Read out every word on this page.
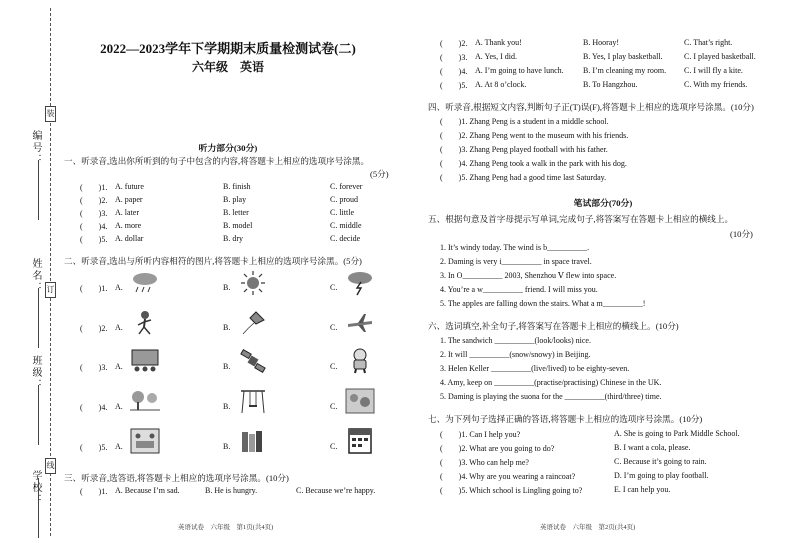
编号：
姓名：
班级：
学校：
装
订
线
2022—2023学年下学期期末质量检测试卷(二)
六年级　英语
听力部分(30分)
一、听录音,选出你所听到的句子中包含的内容,将答题卡上相应的选项序号涂黑。
(5分)
(　　)1. A. future	B. finish	C. forever
(　　)2. A. paper	B. play	C. proud
(　　)3. A. later	B. letter	C. little
(　　)4. A. more	B. model	C. middle
(　　)5. A. dollar	B. dry	C. decide
二、听录音,选出与所听内容相符的图片,将答题卡上相应的选项序号涂黑。(5分)
(　　)1. A.	B.	C.
(　　)2. A.	B.	C.
(　　)3. A.	B.	C.
(　　)4. A.	B.	C.
(　　)5. A.	B.	C.
三、听录音,选答语,将答题卡上相应的选项序号涂黑。(10分)
(　　)1. A. Because I’m sad.	B. He is hungry.	C. Because we’re happy.
英语试卷　六年级　第1页(共4页)
(　　)2. A. Thank you!	B. Hooray!	C. That’s right.
(　　)3. A. Yes, I did.	B. Yes, I play basketball.	C. I played basketball.
(　　)4. A. I’m going to have lunch. B. I’m cleaning my room. C. I will fly a kite.
(　　)5. A. At 8 o’clock.	B. To Hangzhou.	C. With my friends.
四、听录音,根据短文内容,判断句子正(T)误(F),将答题卡上相应的选项序号涂黑。(10分)
(　　)1. Zhang Peng is a student in a middle school.
(　　)2. Zhang Peng went to the museum with his friends.
(　　)3. Zhang Peng played football with his father.
(　　)4. Zhang Peng took a walk in the park with his dog.
(　　)5. Zhang Peng had a good time last Saturday.
笔试部分(70分)
五、根据句意及首字母提示写单词,完成句子,将答案写在答题卡上相应的横线上。
(10分)
1. It’s windy today. The wind is b__________.
2. Daming is very i__________ in space travel.
3. In O__________ 2003, Shenzhou Ⅴ flew into space.
4. You’re a w__________ friend. I will miss you.
5. The apples are falling down the stairs. What a m__________!
六、选词填空,补全句子,将答案写在答题卡上相应的横线上。(10分)
1. The sandwich __________(look/looks) nice.
2. It will __________(snow/snowy) in Beijing.
3. Helen Keller __________(live/lived) to be eighty-seven.
4. Amy, keep on __________(practise/practising) Chinese in the UK.
5. Daming is playing the suona for the __________(third/three) time.
七、为下列句子选择正确的答语,将答题卡上相应的选项序号涂黑。(10分)
(　　)1. Can I help you?	A. She is going to Park Middle School.
(　　)2. What are you going to do?	B. I want a cola, please.
(　　)3. Who can help me?	C. Because it’s going to rain.
(　　)4. Why are you wearing a raincoat?	D. I’m going to play football.
(　　)5. Which school is Lingling going to?	E. I can help you.
英语试卷　六年级　第2页(共4页)
